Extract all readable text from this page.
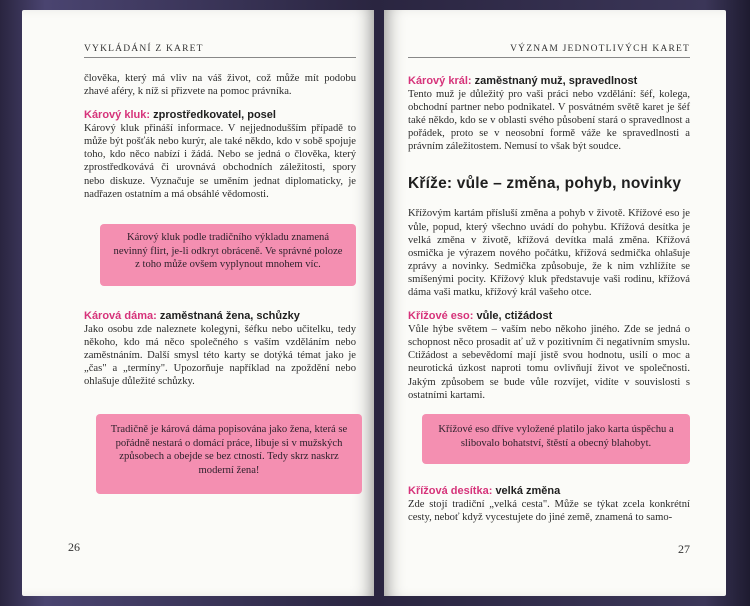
VYKLÁDÁNÍ Z KARET

člověka, který má vliv na váš život, což může mít podobu zhavé aféry, k níž si přizvete na pomoc právníka.

Kárový kluk: zprostředkovatel, posel

Kárový kluk přináší informace. V nejjednodušším případě to může být pošťák nebo kurýr, ale také někdo, kdo v sobě spojuje toho, kdo něco nabízí i žádá. Nebo se jedná o člověka, který zprostředkovává či urovnává obchodních záležitosti, spory nebo diskuze. Vyznačuje se uměním jednat diplomaticky, je nadřazen ostatním a má obsáhlé vědomosti.

Kárová dáma: zaměstnaná žena, schůzky

Jako osobu zde naleznete kolegyni, šéfku nebo učitelku, tedy někoho, kdo má něco společného s vaším vzděláním nebo zaměstnáním. Další smysl této karty se dotýká témat jako je „čas" a „termíny". Upozorňuje například na zpoždění nebo ohlašuje důležité schůzky.

Kárový kluk podle tradičního výkladu znamená nevinný flirt, je-li odkryt obráceně. Ve správné poloze z toho může ovšem vyplynout mnohem víc.
Tradičně je kárová dáma popisována jako žena, která se pořádně nestará o domácí práce, libuje si v mužských způsobech a obejde se bez ctností. Tedy skrz naskrz moderní žena!
26
VÝZNAM JEDNOTLIVÝCH KARET
Kárový král: zaměstnaný muž, spravedlnost

Tento muž je důležitý pro vaši práci nebo vzdělání: šéf, kolega, obchodní partner nebo podnikatel. V posvátném světě karet je šéf také někdo, kdo se v oblasti svého působení stará o spravedlnost a pořádek, proto se v neosobní formě váže ke spravedlnosti a právním záležitostem. Nemusí to však být soudce.

Kříže: vůle – změna, pohyb, novinky

Křížovým kartám přísluší změna a pohyb v životě. Křížové eso je vůle, popud, který všechno uvádí do pohybu. Křížová desítka je velká změna v životě, křížová devítka malá změna. Křížová osmička je výrazem nového počátku, křížová sedmička ohlašuje zprávy a novinky. Sedmička způsobuje, že k nim vzhlížíte se smíšenými pocity. Křížový kluk představuje vaši rodinu, křížová dáma vaši matku, křížový král vašeho otce.

Křížové eso: vůle, ctižádost

Vůle hýbe světem – vaším nebo někoho jiného. Zde se jedná o schopnost něco prosadit ať už v pozitivním či negativním smyslu. Ctižádost a sebevědomí mají jistě svou hodnotu, usilí o moc a neurotická úzkost naproti tomu ovlivňují život ve společnosti. Jakým způsobem se bude vůle rozvíjet, vidíte v souvislosti s ostatními kartami.

Křížová desítka: velká změna

Zde stojí tradiční „velká cesta". Může se týkat zcela konkrétní cesty, neboť když vycestujete do jiné země, znamená to samo-

Křížové eso dříve vyložené platilo jako karta úspěchu a slibovalo bohatství, štěstí a obecný blahobyt.
27
